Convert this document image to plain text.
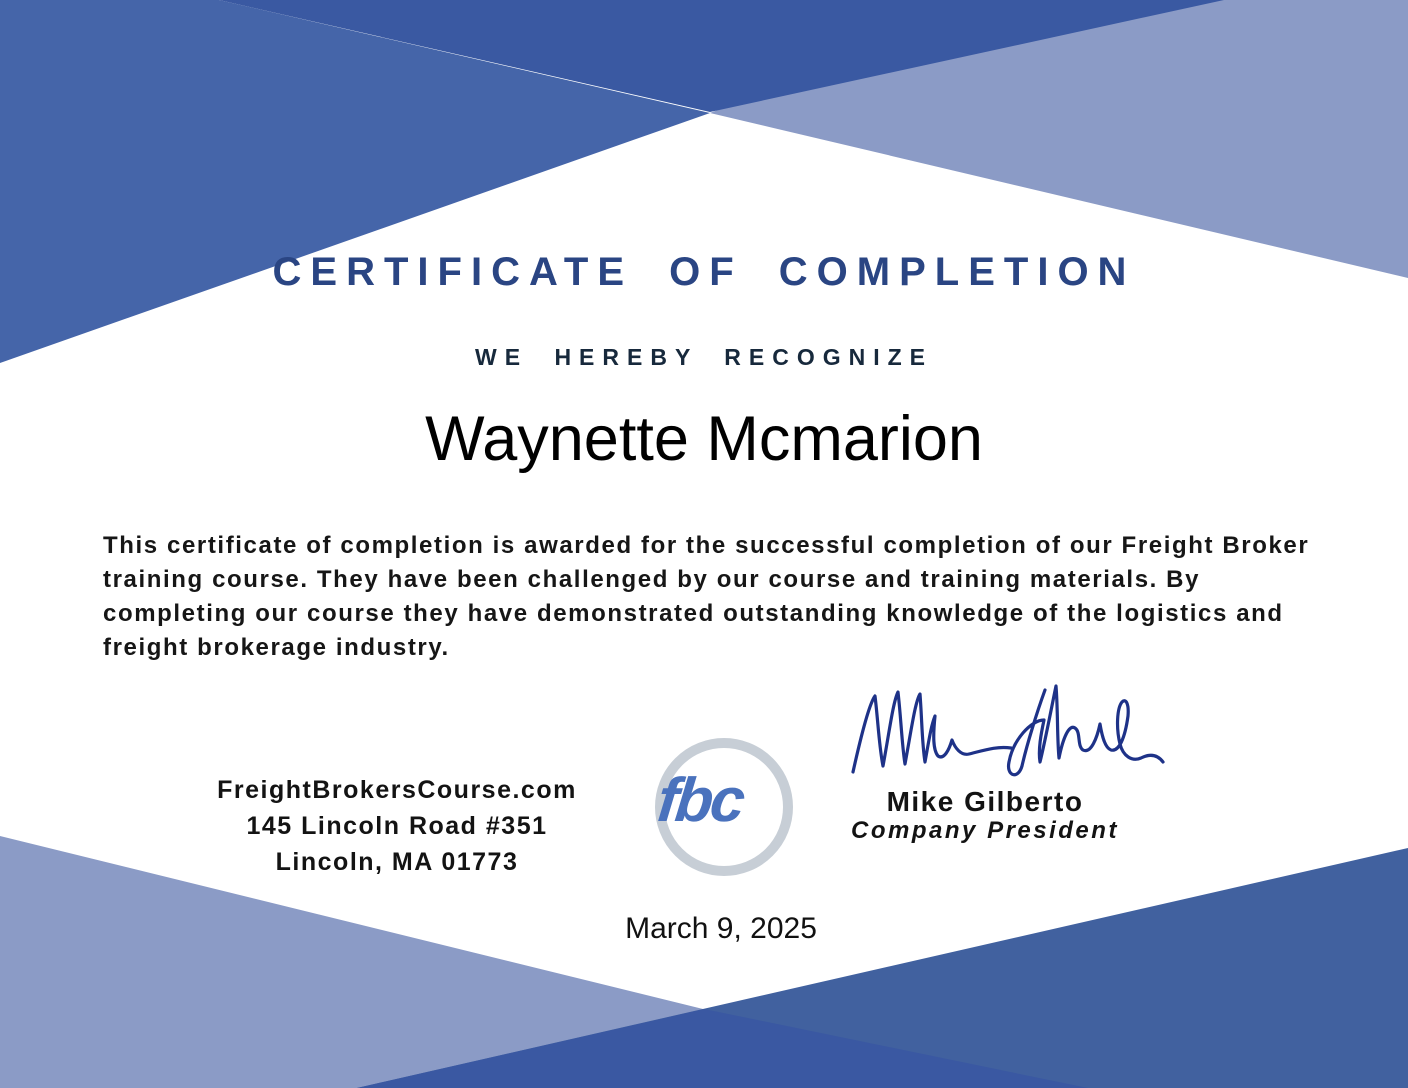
CERTIFICATE OF COMPLETION
WE HEREBY RECOGNIZE
Waynette Mcmarion
This certificate of completion is awarded for the successful completion of our Freight Broker training course. They have been challenged by our course and training materials. By completing our course they have demonstrated outstanding knowledge of the logistics and freight brokerage industry.
FreightBrokersCourse.com
145 Lincoln Road #351
Lincoln, MA 01773
fbc	Mike Gilberto
Company President
March 9, 2025
